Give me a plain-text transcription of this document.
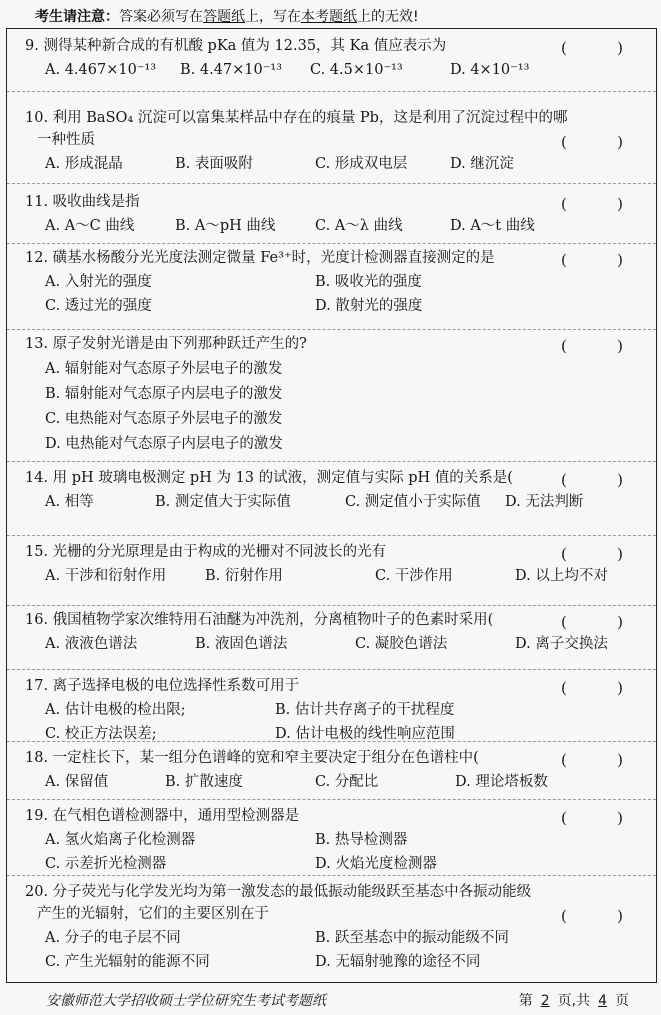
考生请注意：答案必须写在答题纸上，写在本考题纸上的无效!
9. 测得某种新合成的有机酸 pKa 值为 12.35，其 Ka 值应表示为	(	)
A. 4.467×10⁻¹³ B. 4.47×10⁻¹³ C. 4.5×10⁻¹³	D. 4×10⁻¹³
10. 利用 BaSO₄ 沉淀可以富集某样品中存在的痕量 Pb，这是利用了沉淀过程中的哪
(	)
一种性质
A. 形成混晶	B. 表面吸附	C. 形成双电层	D. 继沉淀
11. 吸收曲线是指	(	)
A. A～C 曲线	B. A～pH 曲线	C. A～λ 曲线	D. A～t 曲线
12. 磺基水杨酸分光光度法测定微量 Fe³⁺时，光度计检测器直接测定的是	(	)
A. 入射光的强度	B. 吸收光的强度
C. 透过光的强度	D. 散射光的强度
13. 原子发射光谱是由下列那种跃迁产生的?	(	)
A. 辐射能对气态原子外层电子的激发
B. 辐射能对气态原子内层电子的激发
C. 电热能对气态原子外层电子的激发
D. 电热能对气态原子内层电子的激发
14. 用 pH 玻璃电极测定 pH 为 13 的试液，测定值与实际 pH 值的关系是(	(	)
A. 相等	B. 测定值大于实际值	C. 测定值小于实际值 D. 无法判断
15. 光栅的分光原理是由于构成的光栅对不同波长的光有	(	)
A. 干涉和衍射作用	B. 衍射作用	C. 干涉作用	D. 以上均不对
16. 俄国植物学家次维特用石油醚为冲洗剂，分离植物叶子的色素时采用(	(	)
A. 液液色谱法	B. 液固色谱法	C. 凝胶色谱法	D. 离子交换法
17. 离子选择电极的电位选择性系数可用于	(	)
A. 估计电极的检出限;	B. 估计共存离子的干扰程度
C. 校正方法误差;	D. 估计电极的线性响应范围
18. 一定柱长下，某一组分色谱峰的宽和窄主要决定于组分在色谱柱中(	(	)
A. 保留值	B. 扩散速度	C. 分配比	D. 理论塔板数
19. 在气相色谱检测器中，通用型检测器是	(	)
A. 氢火焰离子化检测器	B. 热导检测器
C. 示差折光检测器	D. 火焰光度检测器
20. 分子荧光与化学发光均为第一激发态的最低振动能级跃至基态中各振动能级
(	)
产生的光辐射，它们的主要区别在于
A. 分子的电子层不同	B. 跃至基态中的振动能级不同
C. 产生光辐射的能源不同	D. 无辐射驰豫的途径不同
安徽师范大学招收硕士学位研究生考试考题纸	第 2 页,共 4 页
